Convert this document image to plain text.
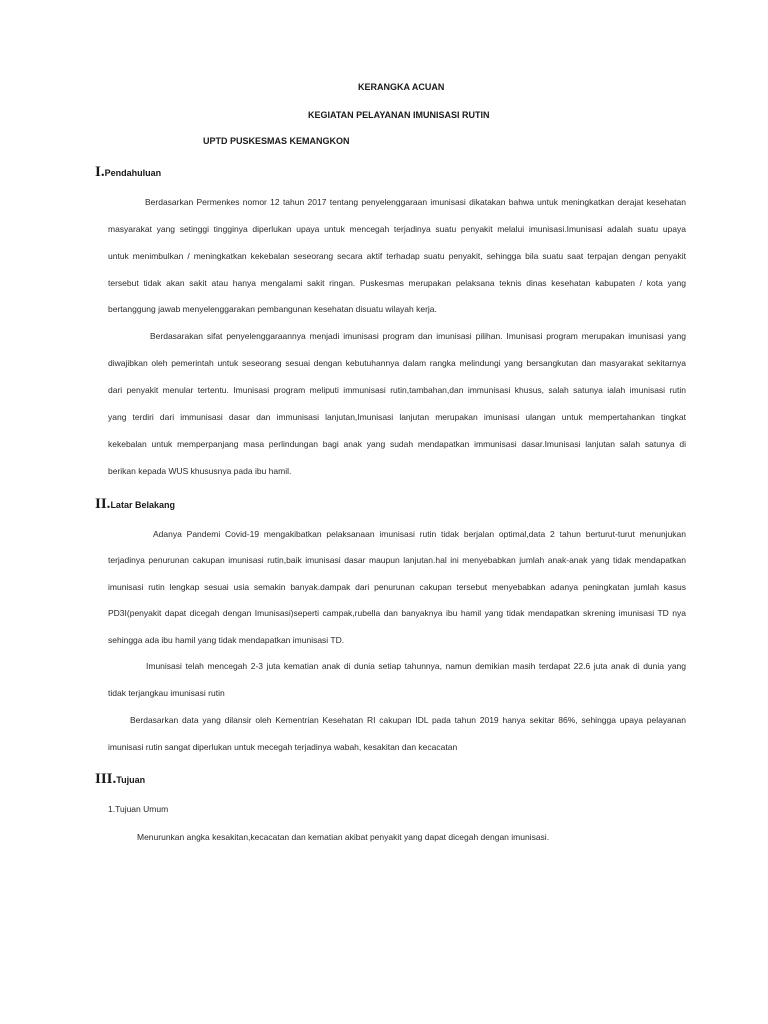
KERANGKA ACUAN
KEGIATAN PELAYANAN IMUNISASI RUTIN
UPTD PUSKESMAS KEMANGKON
I.Pendahuluan
Berdasarkan Permenkes nomor 12 tahun 2017 tentang penyelenggaraan imunisasi dikatakan bahwa untuk meningkatkan derajat kesehatan
masyarakat yang setinggi tingginya diperlukan upaya untuk mencegah terjadinya suatu penyakit melalui imunisasi.Imunisasi adalah suatu upaya
untuk menimbulkan / meningkatkan kekebalan seseorang secara aktif terhadap suatu penyakit, sehingga bila suatu saat terpajan dengan penyakit
tersebut tidak akan sakit atau hanya mengalami sakit ringan. Puskesmas merupakan pelaksana teknis dinas kesehatan kabupaten / kota yang
bertanggung jawab menyelenggarakan pembangunan kesehatan disuatu wilayah kerja.
Berdasarakan sifat penyelenggaraannya menjadi imunisasi program dan imunisasi pilihan. Imunisasi program merupakan imunisasi yang
diwajibkan oleh pemerintah untuk seseorang sesuai dengan kebutuhannya dalam rangka melindungi yang bersangkutan dan masyarakat sekitarnya
dari penyakit menular tertentu. Imunisasi program meliputi immunisasi rutin,tambahan,dan immunisasi khusus, salah satunya ialah imunisasi rutin
yang terdiri dari immunisasi dasar dan immunisasi lanjutan,Imunisasi lanjutan merupakan imunisasi ulangan untuk mempertahankan tingkat
kekebalan untuk memperpanjang masa perlindungan bagi anak yang sudah mendapatkan immunisasi dasar.Imunisasi lanjutan salah satunya di
berikan kepada WUS khususnya pada ibu hamil.
II.Latar Belakang
Adanya Pandemi Covid-19 mengakibatkan pelaksanaan imunisasi rutin tidak berjalan optimal,data 2 tahun berturut-turut menunjukan
terjadinya penurunan cakupan imunisasi rutin,baik imunisasi dasar maupun lanjutan.hal ini menyebabkan jumlah anak-anak yang tidak mendapatkan
imunisasi rutin lengkap sesuai usia semakin banyak.dampak dari penurunan cakupan tersebut menyebabkan adanya peningkatan jumlah kasus
PD3I(penyakit dapat dicegah dengan Imunisasi)seperti campak,rubella dan banyaknya ibu hamil yang tidak mendapatkan skrening imunisasi TD nya
sehingga ada ibu hamil yang tidak mendapatkan imunisasi TD.
Imunisasi telah mencegah 2-3 juta kematian anak di dunia setiap tahunnya, namun demikian masih terdapat 22.6 juta anak di dunia yang
tidak terjangkau imunisasi rutin
Berdasarkan data yang dilansir oleh Kementrian Kesehatan RI cakupan IDL pada tahun 2019 hanya sekitar 86%, sehingga upaya pelayanan
imunisasi rutin sangat diperlukan untuk mecegah terjadinya wabah, kesakitan dan kecacatan
III.Tujuan
1.Tujuan Umum
Menurunkan angka kesakitan,kecacatan dan kematian akibat penyakit yang dapat dicegah dengan imunisasi.
